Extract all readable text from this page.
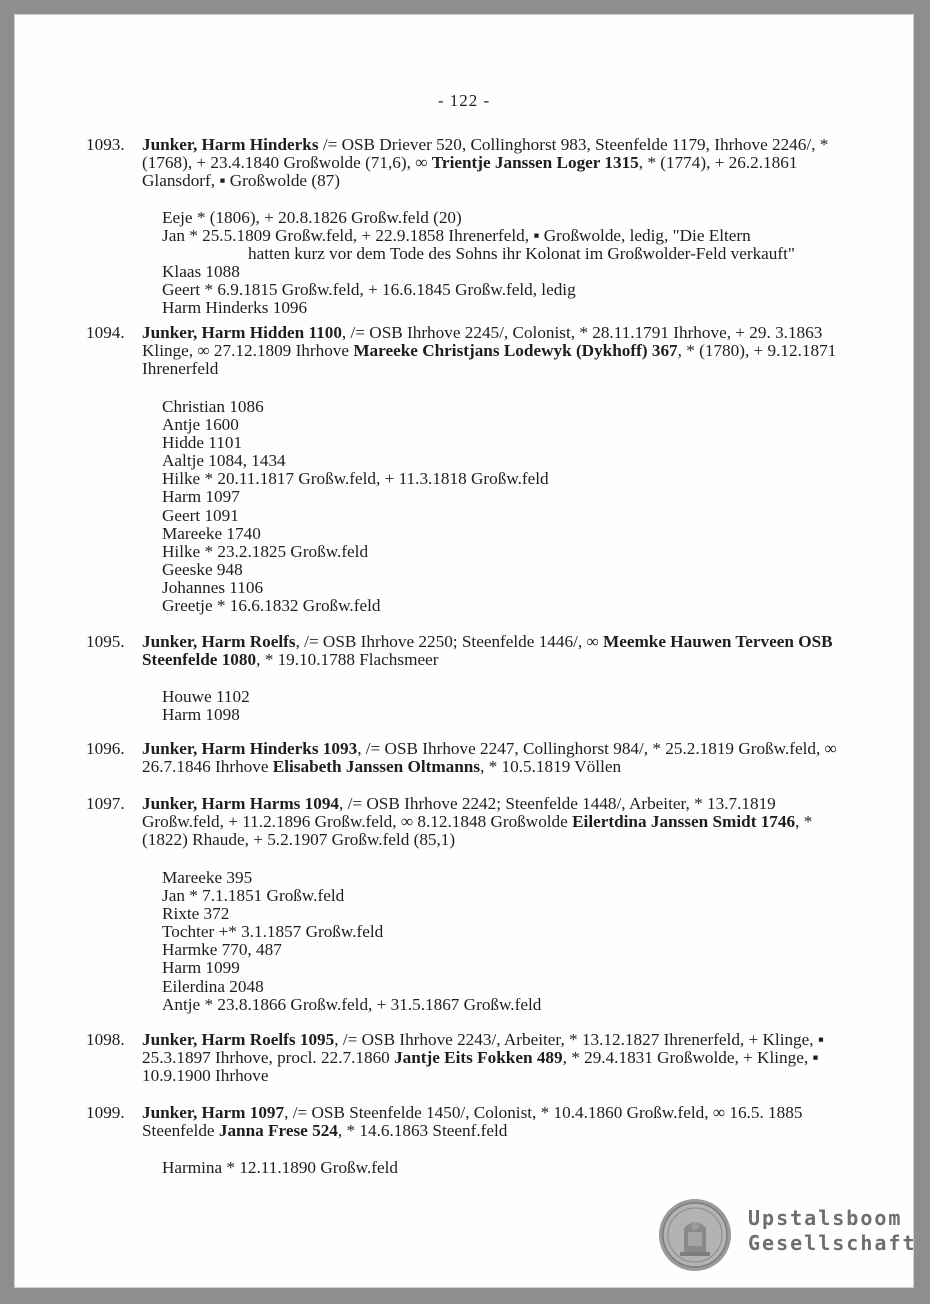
- 122 -
1093. Junker, Harm Hinderks /= OSB Driever 520, Collinghorst 983, Steenfelde 1179, Ihrhove 2246/, * (1768), + 23.4.1840 Großwolde (71,6), ∞ Trientje Janssen Loger 1315, * (1774), + 26.2.1861 Glansdorf, ▪ Großwolde (87)
Eeje * (1806), + 20.8.1826 Großw.feld (20)
Jan * 25.5.1809 Großw.feld, + 22.9.1858 Ihrenerfeld, ▪ Großwolde, ledig, "Die Eltern
hatten kurz vor dem Tode des Sohns ihr Kolonat im Großwolder-Feld verkauft"
Klaas 1088
Geert * 6.9.1815 Großw.feld, + 16.6.1845 Großw.feld, ledig
Harm Hinderks 1096
1094. Junker, Harm Hidden 1100, /= OSB Ihrhove 2245/, Colonist, * 28.11.1791 Ihrhove, + 29. 3.1863 Klinge, ∞ 27.12.1809 Ihrhove Mareeke Christjans Lodewyk (Dykhoff) 367, * (1780), + 9.12.1871 Ihrenerfeld
Christian 1086
Antje 1600
Hidde 1101
Aaltje 1084, 1434
Hilke * 20.11.1817 Großw.feld, + 11.3.1818 Großw.feld
Harm 1097
Geert 1091
Mareeke 1740
Hilke * 23.2.1825 Großw.feld
Geeske 948
Johannes 1106
Greetje * 16.6.1832 Großw.feld
1095. Junker, Harm Roelfs, /= OSB Ihrhove 2250; Steenfelde 1446/, ∞ Meemke Hauwen Terveen OSB Steenfelde 1080, * 19.10.1788 Flachsmeer
Houwe 1102
Harm 1098
1096. Junker, Harm Hinderks 1093, /= OSB Ihrhove 2247, Collinghorst 984/, * 25.2.1819 Großw.feld, ∞ 26.7.1846 Ihrhove Elisabeth Janssen Oltmanns, * 10.5.1819 Völlen
1097. Junker, Harm Harms 1094, /= OSB Ihrhove 2242; Steenfelde 1448/, Arbeiter, * 13.7.1819 Großw.feld, + 11.2.1896 Großw.feld, ∞ 8.12.1848 Großwolde Eilertdina Janssen Smidt 1746, * (1822) Rhaude, + 5.2.1907 Großw.feld (85,1)
Mareeke 395
Jan * 7.1.1851 Großw.feld
Rixte 372
Tochter +* 3.1.1857 Großw.feld
Harmke 770, 487
Harm 1099
Eilerdina 2048
Antje * 23.8.1866 Großw.feld, + 31.5.1867 Großw.feld
1098. Junker, Harm Roelfs 1095, /= OSB Ihrhove 2243/, Arbeiter, * 13.12.1827 Ihrenerfeld, + Klinge, ▪ 25.3.1897 Ihrhove, procl. 22.7.1860 Jantje Eits Fokken 489, * 29.4.1831 Großwolde, + Klinge, ▪ 10.9.1900 Ihrhove
1099. Junker, Harm 1097, /= OSB Steenfelde 1450/, Colonist, * 10.4.1860 Großw.feld, ∞ 16.5. 1885 Steenfelde Janna Frese 524, * 14.6.1863 Steenf.feld
Harmina * 12.11.1890 Großw.feld
Upstalsboom
Gesellschaft
